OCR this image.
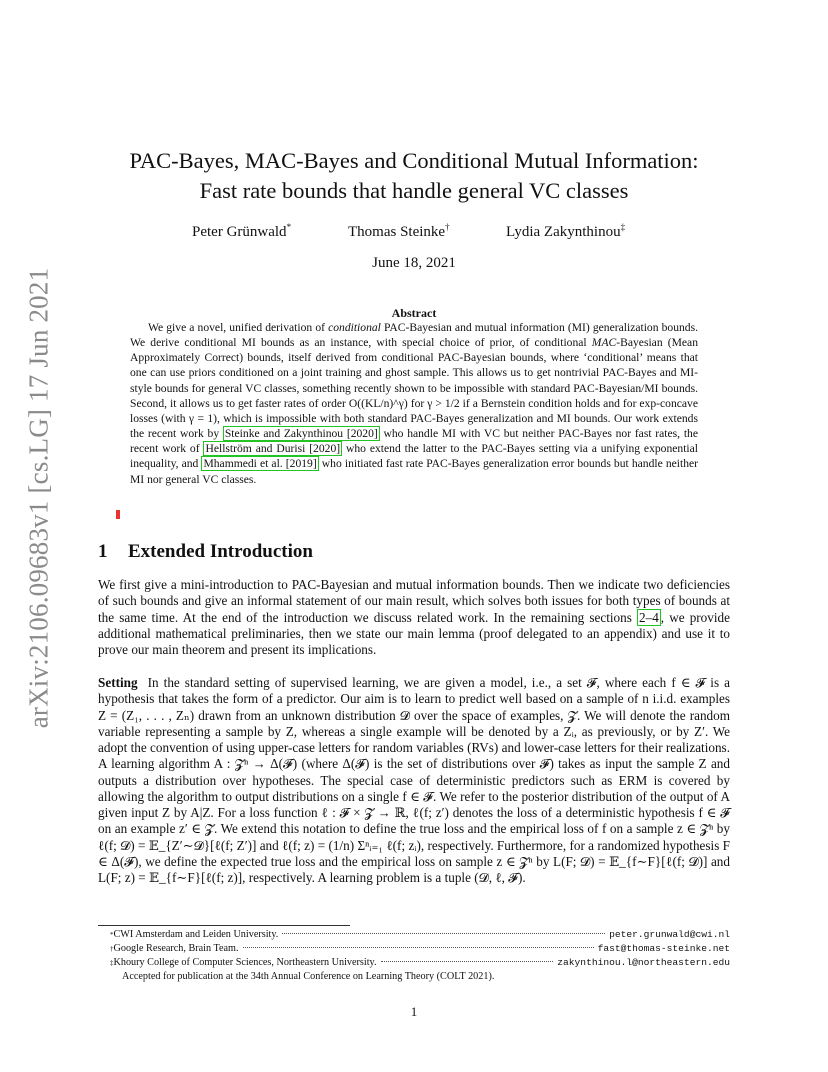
arXiv:2106.09683v1 [cs.LG] 17 Jun 2021
PAC-Bayes, MAC-Bayes and Conditional Mutual Information:
Fast rate bounds that handle general VC classes
Peter Grünwald*	Thomas Steinke†	Lydia Zakynthinou‡
June 18, 2021
Abstract

We give a novel, unified derivation of conditional PAC-Bayesian and mutual information (MI) generalization bounds. We derive conditional MI bounds as an instance, with special choice of prior, of conditional MAC-Bayesian (Mean Approximately Correct) bounds, itself derived from conditional PAC-Bayesian bounds, where ‘conditional’ means that one can use priors conditioned on a joint training and ghost sample. This allows us to get nontrivial PAC-Bayes and MI-style bounds for general VC classes, something recently shown to be impossible with standard PAC-Bayesian/MI bounds. Second, it allows us to get faster rates of order O((KL/n)^γ) for γ > 1/2 if a Bernstein condition holds and for exp-concave losses (with γ = 1), which is impossible with both standard PAC-Bayes generalization and MI bounds. Our work extends the recent work by Steinke and Zakynthinou [2020] who handle MI with VC but neither PAC-Bayes nor fast rates, the recent work of Hellström and Durisi [2020] who extend the latter to the PAC-Bayes setting via a unifying exponential inequality, and Mhammedi et al. [2019] who initiated fast rate PAC-Bayes generalization error bounds but handle neither MI nor general VC classes.

1 Extended Introduction

We first give a mini-introduction to PAC-Bayesian and mutual information bounds. Then we indicate two deficiencies of such bounds and give an informal statement of our main result, which solves both issues for both types of bounds at the same time. At the end of the introduction we discuss related work. In the remaining sections 2–4 , we provide additional mathematical preliminaries, then we state our main lemma (proof delegated to an appendix) and use it to prove our main theorem and present its implications.

Setting In the standard setting of supervised learning, we are given a model, i.e., a set 𝓕, where each f ∈ 𝓕 is a hypothesis that takes the form of a predictor. Our aim is to learn to predict well based on a sample of n i.i.d. examples Z = (Z₁, . . . , Zₙ) drawn from an unknown distribution 𝓓 over the space of examples, 𝓩. We will denote the random variable representing a sample by Z, whereas a single example will be denoted by a Zᵢ, as previously, or by Z′. We adopt the convention of using upper-case letters for random variables (RVs) and lower-case letters for their realizations. A learning algorithm A : 𝓩ⁿ → Δ(𝓕) (where Δ(𝓕) is the set of distributions over 𝓕) takes as input the sample Z and outputs a distribution over hypotheses. The special case of deterministic predictors such as ERM is covered by allowing the algorithm to output distributions on a single f ∈ 𝓕. We refer to the posterior distribution of the output of A given input Z by A|Z. For a loss function ℓ : 𝓕 × 𝓩 → ℝ, ℓ(f; z′) denotes the loss of a deterministic hypothesis f ∈ 𝓕 on an example z′ ∈ 𝓩. We extend this notation to define the true loss and the empirical loss of f on a sample z ∈ 𝓩ⁿ by ℓ(f; 𝓓) = 𝔼_{Z′∼𝓓}[ℓ(f; Z′)] and ℓ(f; z) = (1/n) Σⁿᵢ₌₁ ℓ(f; zᵢ), respectively. Furthermore, for a randomized hypothesis F ∈ Δ(𝓕), we define the expected true loss and the empirical loss on sample z ∈ 𝓩ⁿ by L(F; 𝓓) = 𝔼_{f∼F}[ℓ(f; 𝓓)] and L(F; z) = 𝔼_{f∼F}[ℓ(f; z)], respectively. A learning problem is a tuple (𝓓, ℓ, 𝓕).

* CWI Amsterdam and Leiden University.	peter.grunwald@cwi.nl
† Google Research, Brain Team.	fast@thomas-steinke.net
‡ Khoury College of Computer Sciences, Northeastern University.	zakynthinou.l@northeastern.edu
Accepted for publication at the 34th Annual Conference on Learning Theory (COLT 2021).
1
